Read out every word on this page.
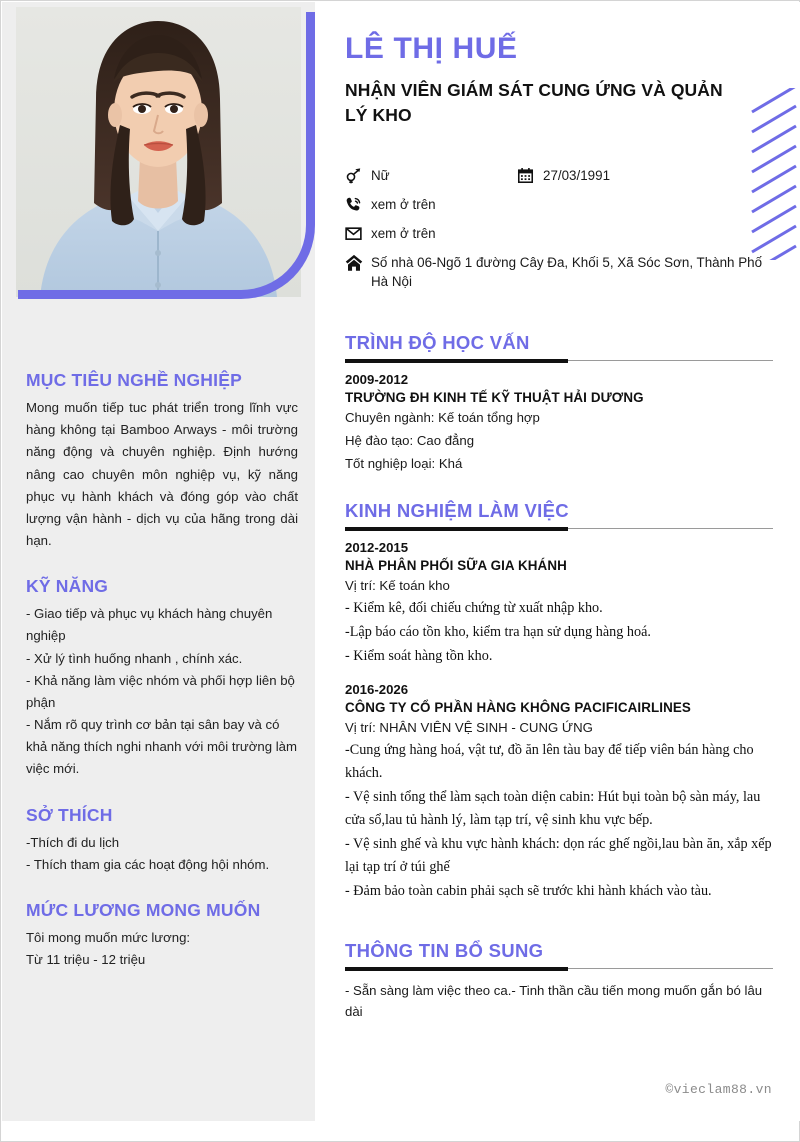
MỤC TIÊU NGHỀ NGHIỆP
Mong muốn tiếp tuc phát triển trong lĩnh vực hàng không tại Bamboo Arways - môi trường năng động và chuyên nghiệp. Định hướng nâng cao chuyên môn nghiệp vụ, kỹ năng phục vụ hành khách và đóng góp vào chất lượng vận hành - dịch vụ của hãng trong dài hạn.
KỸ NĂNG

- Giao tiếp và phục vụ khách hàng chuyên nghiệp

- Xử lý tình huống nhanh , chính xác.

- Khả năng làm việc nhóm và phối hợp liên bộ phận

- Nắm rõ quy trình cơ bản tại sân bay và có khả năng thích nghi nhanh với môi trường làm việc mới.

SỞ THÍCH

-Thích đi du lịch

- Thích tham gia các hoạt động hội nhóm.

MỨC LƯƠNG MONG MUỐN

Tôi mong muốn mức lương:

Từ 11 triệu - 12 triệu

LÊ THỊ HUẾ
NHẬN VIÊN GIÁM SÁT CUNG ỨNG VÀ QUẢN LÝ KHO
Nữ	27/03/1991
xem ở trên
xem ở trên
Số nhà 06-Ngõ 1 đường Cây Đa, Khối 5, Xã Sóc Sơn, Thành Phố Hà Nội
TRÌNH ĐỘ HỌC VẤN
2009-2012
TRƯỜNG ĐH KINH TẾ KỸ THUẬT HẢI DƯƠNG
Chuyên ngành: Kế toán tổng hợp
Hệ đào tạo: Cao đẳng
Tốt nghiệp loại: Khá
KINH NGHIỆM LÀM VIỆC
2012-2015
NHÀ PHÂN PHỐI SỮA GIA KHÁNH
Vị trí: Kế toán kho
- Kiểm kê, đối chiếu chứng từ xuất nhập kho.
-Lập báo cáo tồn kho, kiểm tra hạn sử dụng hàng hoá.
- Kiểm soát hàng tồn kho.
2016-2026
CÔNG TY CỔ PHẦN HÀNG KHÔNG PACIFICAIRLINES
Vị trí: NHÂN VIÊN VỆ SINH - CUNG ỨNG
-Cung ứng hàng hoá, vật tư, đồ ăn lên tàu bay để tiếp viên bán hàng cho khách.
- Vệ sinh tổng thể làm sạch toàn diện cabin: Hút bụi toàn bộ sàn máy, lau cửa sổ,lau tủ hành lý, làm tạp trí, vệ sinh khu vực bếp.
- Vệ sinh ghế và khu vực hành khách: dọn rác ghế ngồi,lau bàn ăn, xắp xếp lại tạp trí ở túi ghế
- Đảm bảo toàn cabin phải sạch sẽ trước khi hành khách vào tàu.
THÔNG TIN BỔ SUNG
- Sẵn sàng làm việc theo ca.- Tinh thần cầu tiến mong muốn gắn bó lâu dài
©vieclam88.vn
